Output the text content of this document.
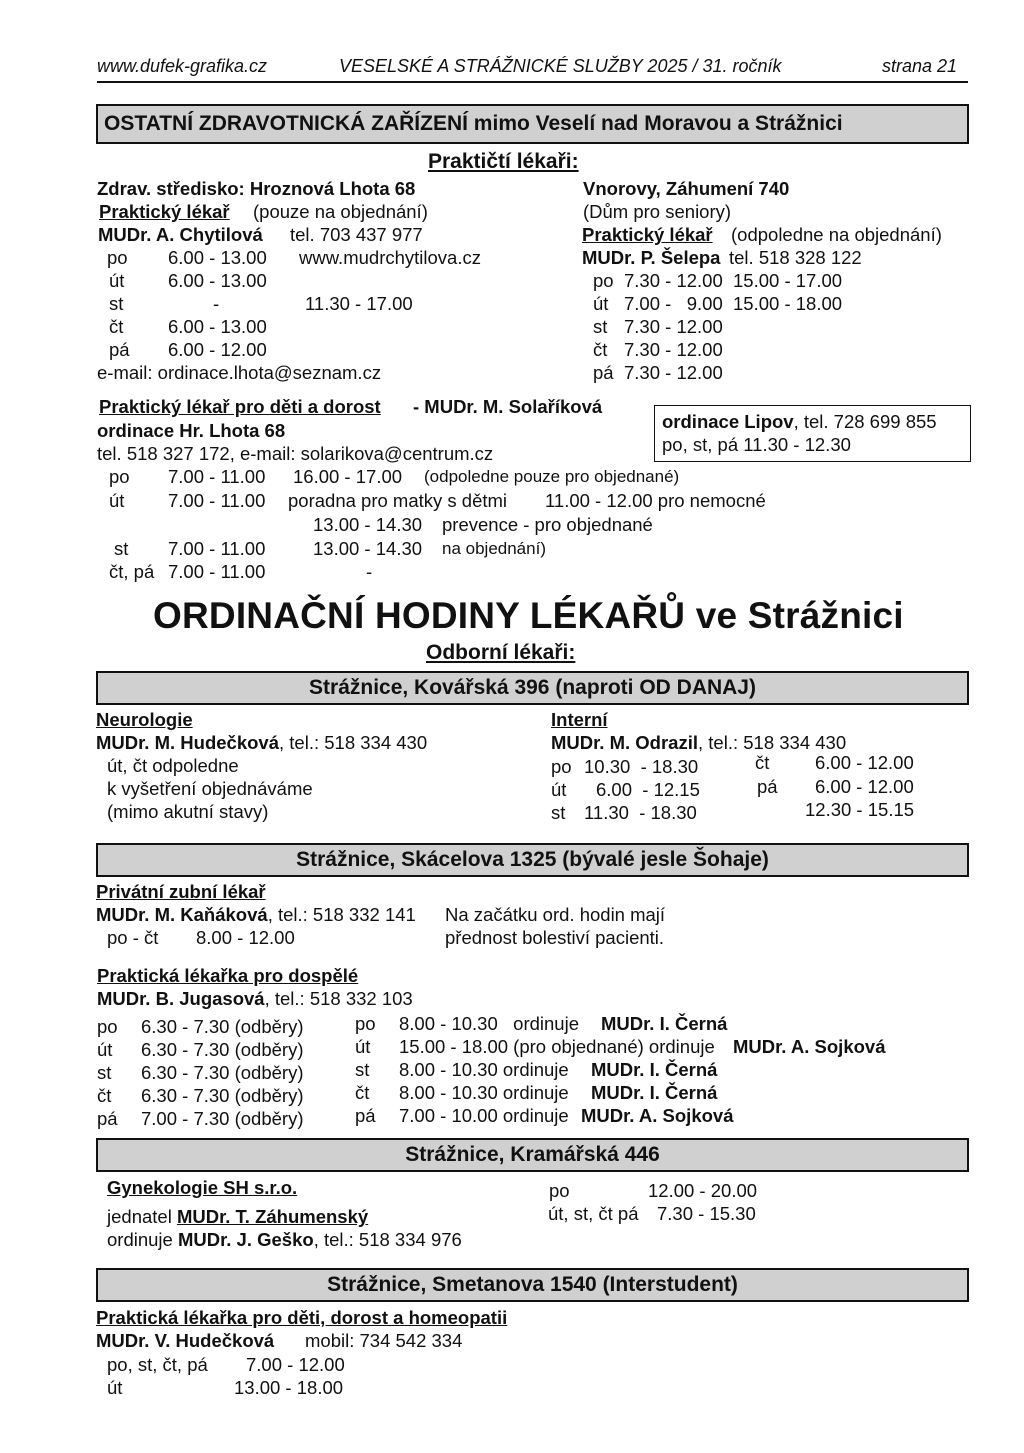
www.dufek-grafika.cz	VESELSKÉ A STRÁŽNICKÉ SLUŽBY 2025 / 31. ročník	strana 21
OSTATNÍ ZDRAVOTNICKÁ ZAŘÍZENÍ mimo Veselí nad Moravou a Strážnici
Praktičtí lékaři:
Zdrav. středisko: Hroznová Lhota 68
Praktický lékař (pouze na objednání)
MUDr. A. Chytilová tel. 703 437 977
po 6.00 - 13.00 www.mudrchytilova.cz
út 6.00 - 13.00
st	-	11.30 - 17.00
čt 6.00 - 13.00
pá 6.00 - 12.00
e-mail: ordinace.lhota@seznam.cz
Vnorovy, Záhumení 740
(Dům pro seniory)
Praktický lékař (odpoledne na objednání)
MUDr. P. Šelepa tel. 518 328 122
po 7.30 - 12.00  15.00 - 17.00
út 7.00 -   9.00  15.00 - 18.00
st 7.30 - 12.00
čt 7.30 - 12.00
pá 7.30 - 12.00
Praktický lékař pro děti a dorost - MUDr. M. Solaříková
ordinace Hr. Lhota 68
tel. 518 327 172, e-mail: solarikova@centrum.cz
ordinace Lipov, tel. 728 699 855
po, st, pá 11.30 - 12.30
po 7.00 - 11.00 16.00 - 17.00 (odpoledne pouze pro objednané)
út 7.00 - 11.00 poradna pro matky s dětmi 11.00 - 12.00 pro nemocné
13.00 - 14.30 prevence - pro objednané
st 7.00 - 11.00	13.00 - 14.30 na objednání)
čt, pá 7.00 - 11.00	-
ORDINAČNÍ HODINY LÉKAŘŮ ve Strážnici
Odborní lékaři:
Strážnice, Kovářská 396 (naproti OD DANAJ)
Neurologie
MUDr. M. Hudečková, tel.: 518 334 430
út, čt odpoledne
k vyšetření objednáváme
(mimo akutní stavy)
Interní
MUDr. M. Odrazil, tel.: 518 334 430
po 10.30  - 18.30
út 6.00  - 12.15
st 11.30  - 18.30
čt 6.00 - 12.00
pá 6.00 - 12.00
12.30 - 15.15
Strážnice, Skácelova 1325 (bývalé jesle Šohaje)
Privátní zubní lékař
MUDr. M. Kaňáková, tel.: 518 332 141
po - čt 8.00 - 12.00
Na začátku ord. hodin mají
přednost bolestiví pacienti.
Praktická lékařka pro dospělé
MUDr. B. Jugasová, tel.: 518 332 103
po 6.30 - 7.30 (odběry)	po 8.00 - 10.30   ordinuje MUDr. I. Černá
út 6.30 - 7.30 (odběry)	út 15.00 - 18.00 (pro objednané) ordinuje MUDr. A. Sojková
st 6.30 - 7.30 (odběry)	st 8.00 - 10.30 ordinuje MUDr. I. Černá
čt 6.30 - 7.30 (odběry)	čt 8.00 - 10.30 ordinuje MUDr. I. Černá
pá 7.00 - 7.30 (odběry)	pá 7.00 - 10.00 ordinuje MUDr. A. Sojková
Strážnice, Kramářská 446
Gynekologie SH s.r.o.
jednatel MUDr. T. Záhumenský
ordinuje MUDr. J. Geško, tel.: 518 334 976
po	12.00 - 20.00
út, st, čt pá 7.30 - 15.30
Strážnice, Smetanova 1540 (Interstudent)
Praktická lékařka pro děti, dorost a homeopatii
MUDr. V. Hudečková mobil: 734 542 334
po, st, čt, pá 7.00 - 12.00
út	13.00 - 18.00
